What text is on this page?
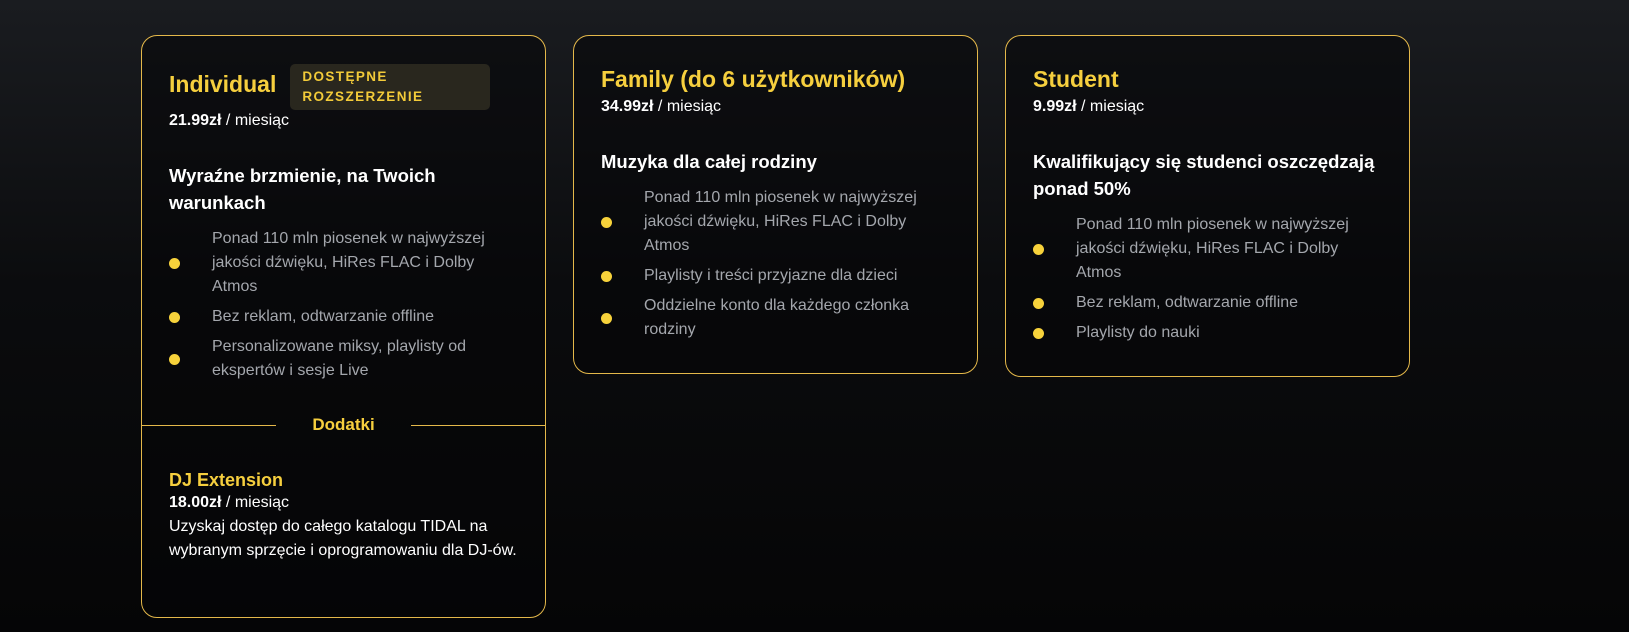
Individual	DOSTĘPNE ROZSZERZENIE
21.99zł / miesiąc
Wyraźne brzmienie, na Twoich warunkach
Ponad 110 mln piosenek w najwyższej jakości dźwięku, HiRes FLAC i Dolby Atmos
Bez reklam, odtwarzanie offline
Personalizowane miksy, playlisty od ekspertów i sesje Live
Dodatki
DJ Extension
18.00zł / miesiąc
Uzyskaj dostęp do całego katalogu TIDAL na wybranym sprzęcie i oprogramowaniu dla DJ-ów.
Family (do 6 użytkowników)
34.99zł / miesiąc
Muzyka dla całej rodziny
Ponad 110 mln piosenek w najwyższej jakości dźwięku, HiRes FLAC i Dolby Atmos
Playlisty i treści przyjazne dla dzieci
Oddzielne konto dla każdego członka rodziny
Student
9.99zł / miesiąc
Kwalifikujący się studenci oszczędzają ponad 50%
Ponad 110 mln piosenek w najwyższej jakości dźwięku, HiRes FLAC i Dolby Atmos
Bez reklam, odtwarzanie offline
Playlisty do nauki
